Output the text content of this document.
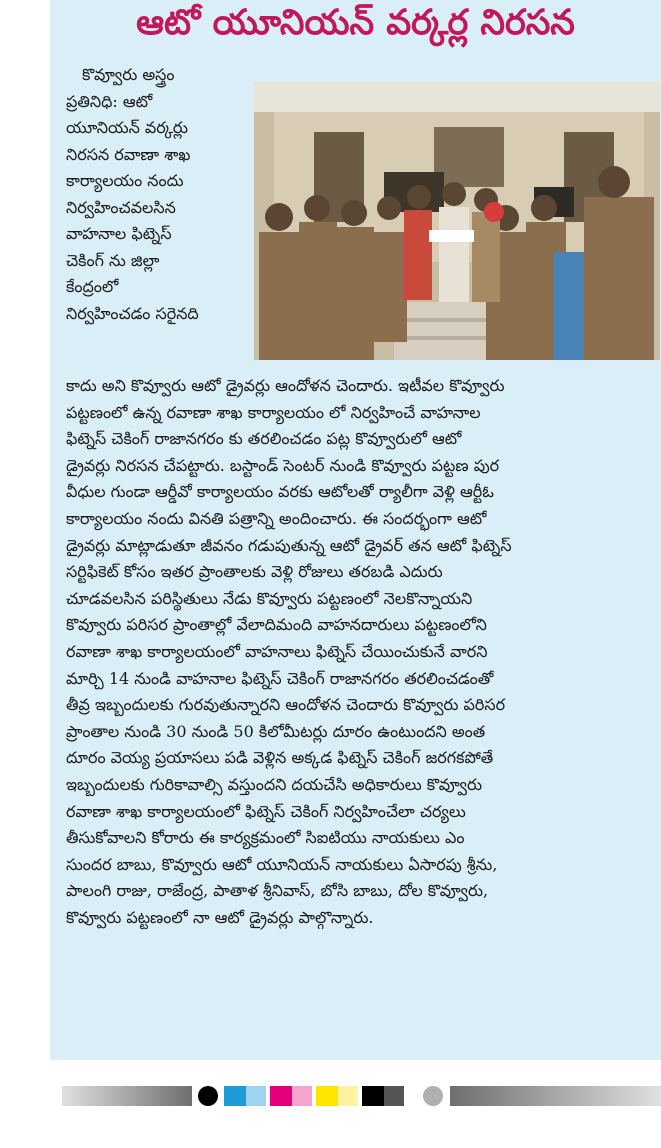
ఆటో యూనియన్ వర్కర్ల నిరసన
కొవ్వూరు అస్త్రం
ప్రతినిధి: ఆటో
యూనియన్ వర్కర్లు
నిరసన రవాణా శాఖ
కార్యాలయం నందు
నిర్వహించవలసిన
వాహనాల ఫిట్నెస్
చెకింగ్ ను జిల్లా
కేంద్రంలో
నిర్వహించడం సరైనది
కాదు అని కొవ్వూరు ఆటో డ్రైవర్లు ఆందోళన చెందారు. ఇటీవల కొవ్వూరు
పట్టణంలో ఉన్న రవాణా శాఖ కార్యాలయం లో నిర్వహించే వాహనాల
ఫిట్నెస్ చెకింగ్ రాజానగరం కు తరలించడం పట్ల కొవ్వూరులో ఆటో
డ్రైవర్లు నిరసన చేపట్టారు. బస్టాండ్ సెంటర్ నుండి కొవ్వూరు పట్టణ పుర
వీధుల గుండా ఆర్డీవో కార్యాలయం వరకు ఆటోలతో ర్యాలీగా వెళ్లి ఆర్టీఓ
కార్యాలయం నందు వినతి పత్రాన్ని అందించారు. ఈ సందర్భంగా ఆటో
డ్రైవర్లు మాట్లాడుతూ జీవనం గడుపుతున్న ఆటో డ్రైవర్ తన ఆటో ఫిట్నెస్
సర్టిఫికెట్ కోసం ఇతర ప్రాంతాలకు వెళ్లి రోజులు తరబడి ఎదురు
చూడవలసిన పరిస్థితులు నేడు కొవ్వూరు పట్టణంలో నెలకొన్నాయని
కొవ్వూరు పరిసర ప్రాంతాల్లో వేలాదిమంది వాహనదారులు పట్టణంలోని
రవాణా శాఖ కార్యాలయంలో వాహనాలు ఫిట్నెస్ చేయించుకునే వారని
మార్చి 14 నుండి వాహనాల ఫిట్నెస్ చెకింగ్ రాజానగరం తరలించడంతో
తీవ్ర ఇబ్బందులకు గురవుతున్నారని ఆందోళన చెందారు కొవ్వూరు పరిసర
ప్రాంతాల నుండి 30 నుండి 50 కిలోమీటర్లు దూరం ఉంటుందని అంత
దూరం వెయ్య ప్రయాసలు పడి వెళ్లిన అక్కడ ఫిట్నెస్ చెకింగ్ జరగకపోతే
ఇబ్బందులకు గురికావాల్సి వస్తుందని దయచేసి అధికారులు కొవ్వూరు
రవాణా శాఖ కార్యాలయంలో ఫిట్నెస్ చెకింగ్ నిర్వహించేలా చర్యలు
తీసుకోవాలని కోరారు ఈ కార్యక్రమంలో సిఐటియు నాయకులు ఎం
సుందర బాబు, కొవ్వూరు ఆటో యూనియన్ నాయకులు ఏసారపు శ్రీను,
పాలంగి రాజు, రాజేంద్ర, పాతాళ శ్రీనివాస్, బోసి బాబు, దోల కొవ్వూరు,
కొవ్వూరు పట్టణంలో నా ఆటో డ్రైవర్లు పాల్గొన్నారు.
